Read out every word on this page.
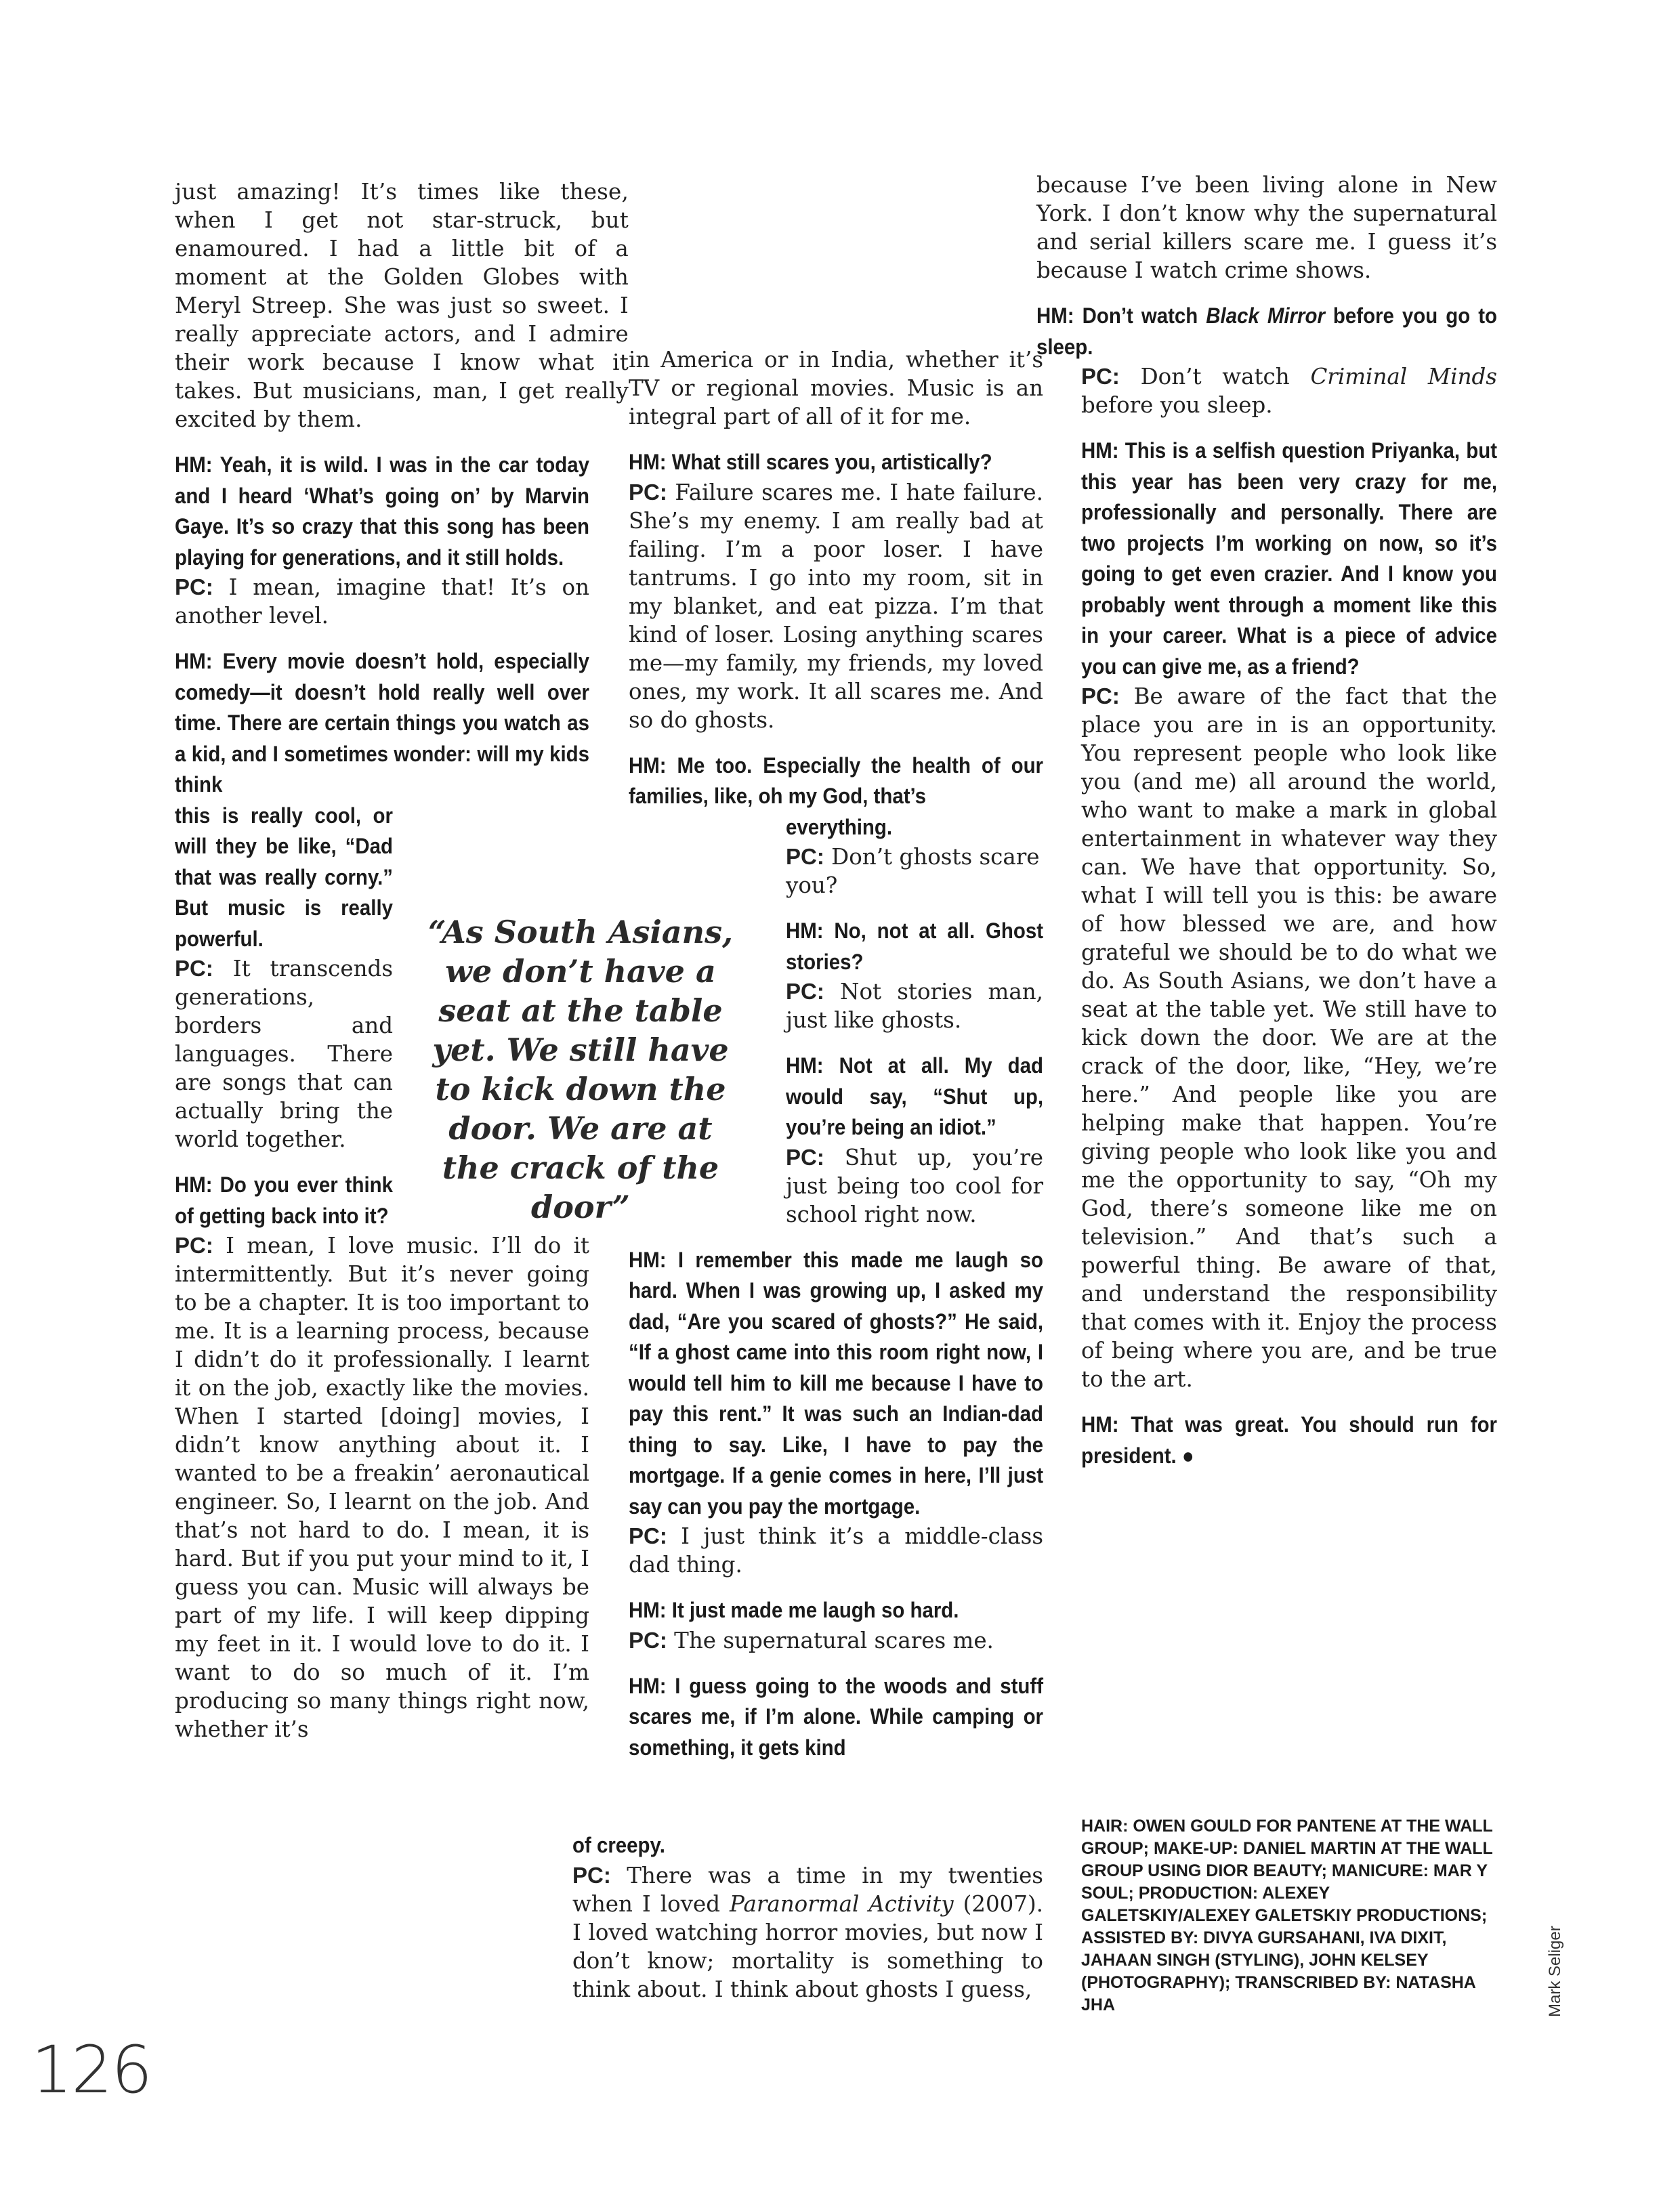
just amazing! It’s times like these, when I get not star-struck, but enamoured. I had a little bit of a moment at the Golden Globes with Meryl Streep. She was just so sweet. I really appreciate actors, and I admire their work because I know what it takes. But musicians, man, I get really excited by them.

HM: Yeah, it is wild. I was in the car today and I heard ‘What’s going on’ by Marvin Gaye. It’s so crazy that this song has been playing for generations, and it still holds.

PC: I mean, imagine that! It’s on another level.

HM: Every movie doesn’t hold, especially comedy—it doesn’t hold really well over time. There are certain things you watch as a kid, and I sometimes wonder: will my kids think

this is really cool, or will they be like, “Dad that was really corny.” But music is really powerful.

PC: It transcends generations, borders and languages. There are songs that can actually bring the world together.

HM: Do you ever think of getting back into it?

PC: I mean, I love music. I’ll do it intermittently. But it’s never going to be a chapter. It is too important to me. It is a learning process, because I didn’t do it professionally. I learnt it on the job, exactly like the movies. When I started [doing] movies, I didn’t know anything about it. I wanted to be a freakin’ aeronautical engineer. So, I learnt on the job. And that’s not hard to do. I mean, it is hard. But if you put your mind to it, I guess you can. Music will always be part of my life. I will keep dipping my feet in it. I would love to do it. I want to do so much of it. I’m producing so many things right now, whether it’s

in America or in India, whether it’s TV or regional movies. Music is an integral part of all of it for me.

HM: What still scares you, artistically?

PC: Failure scares me. I hate failure. She’s my enemy. I am really bad at failing. I’m a poor loser. I have tantrums. I go into my room, sit in my blanket, and eat pizza. I’m that kind of loser. Losing anything scares me—my family, my friends, my loved ones, my work. It all scares me. And so do ghosts.

HM: Me too. Especially the health of our families, like, oh my God, that’s

everything.

PC: Don’t ghosts scare you?

HM: No, not at all. Ghost stories?

PC: Not stories man, just like ghosts.

HM: Not at all. My dad would say, “Shut up, you’re being an idiot.”

PC: Shut up, you’re just being too cool for school right now.

HM: I remember this made me laugh so hard. When I was growing up, I asked my dad, “Are you scared of ghosts?” He said, “If a ghost came into this room right now, I would tell him to kill me because I have to pay this rent.” It was such an Indian-dad thing to say. Like, I have to pay the mortgage. If a genie comes in here, I’ll just say can you pay the mortgage.

PC: I just think it’s a middle-class dad thing.

HM: It just made me laugh so hard.

PC: The supernatural scares me.

HM: I guess going to the woods and stuff scares me, if I’m alone. While camping or something, it gets kind

of creepy.

PC: There was a time in my twenties when I loved Paranormal Activity (2007). I loved watching horror movies, but now I don’t know; mortality is something to think about. I think about ghosts I guess,

“As South Asians, we don’t have a seat at the table yet. We still have to kick down the door. We are at the crack of the door”

because I’ve been living alone in New York. I don’t know why the supernatural and serial killers scare me. I guess it’s because I watch crime shows.

HM: Don’t watch Black Mirror before you go to sleep.

PC: Don’t watch Criminal Minds before you sleep.

HM: This is a selfish question Priyanka, but this year has been very crazy for me, professionally and personally. There are two projects I’m working on now, so it’s going to get even crazier. And I know you probably went through a moment like this in your career. What is a piece of advice you can give me, as a friend?

PC: Be aware of the fact that the place you are in is an opportunity. You represent people who look like you (and me) all around the world, who want to make a mark in global entertainment in whatever way they can. We have that opportunity. So, what I will tell you is this: be aware of how blessed we are, and how grateful we should be to do what we do. As South Asians, we don’t have a seat at the table yet. We still have to kick down the door. We are at the crack of the door, like, “Hey, we’re here.” And people like you are helping make that happen. You’re giving people who look like you and me the opportunity to say, “Oh my God, there’s someone like me on television.” And that’s such a powerful thing. Be aware of that, and understand the responsibility that comes with it. Enjoy the process of being where you are, and be true to the art.

HM: That was great. You should run for president. ●

HAIR: OWEN GOULD FOR PANTENE AT THE WALL GROUP; MAKE-UP: DANIEL MARTIN AT THE WALL GROUP USING DIOR BEAUTY; MANICURE: MAR Y SOUL; PRODUCTION: ALEXEY GALETSKIY/ALEXEY GALETSKIY PRODUCTIONS; ASSISTED BY: DIVYA GURSAHANI, IVA DIXIT, JAHAAN SINGH (STYLING), JOHN KELSEY (PHOTOGRAPHY); TRANSCRIBED BY: NATASHA JHA	Mark Seliger
126
